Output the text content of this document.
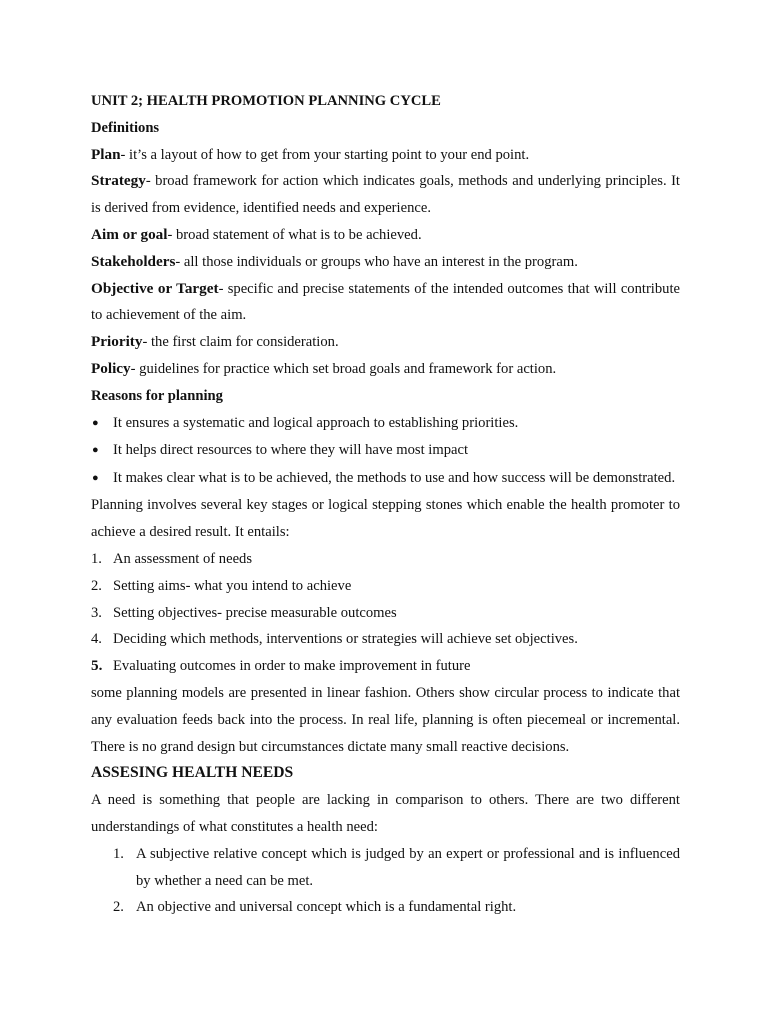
UNIT 2; HEALTH PROMOTION PLANNING CYCLE

Definitions

Plan- it’s a layout of how to get from your starting point to your end point.

Strategy- broad framework for action which indicates goals, methods and underlying principles. It is derived from evidence, identified needs and experience.

Aim or goal- broad statement of what is to be achieved.

Stakeholders- all those individuals or groups who have an interest in the program.

Objective or Target- specific and precise statements of the intended outcomes that will contribute to achievement of the aim.

Priority- the first claim for consideration.

Policy- guidelines for practice which set broad goals and framework for action.

Reasons for planning

● It ensures a systematic and logical approach to establishing priorities.
● It helps direct resources to where they will have most impact
● It makes clear what is to be achieved, the methods to use and how success will be demonstrated.

Planning involves several key stages or logical stepping stones which enable the health promoter to achieve a desired result. It entails:

1. An assessment of needs
2. Setting aims- what you intend to achieve
3. Setting objectives- precise measurable outcomes
4. Deciding which methods, interventions or strategies will achieve set objectives.
5. Evaluating outcomes in order to make improvement in future

some planning models are presented in linear fashion. Others show circular process to indicate that any evaluation feeds back into the process. In real life, planning is often piecemeal or incremental. There is no grand design but circumstances dictate many small reactive decisions.

ASSESING HEALTH NEEDS

A need is something that people are lacking in comparison to others. There are two different understandings of what constitutes a health need:

1. A subjective relative concept which is judged by an expert or professional and is influenced by whether a need can be met.
2. An objective and universal concept which is a fundamental right.
